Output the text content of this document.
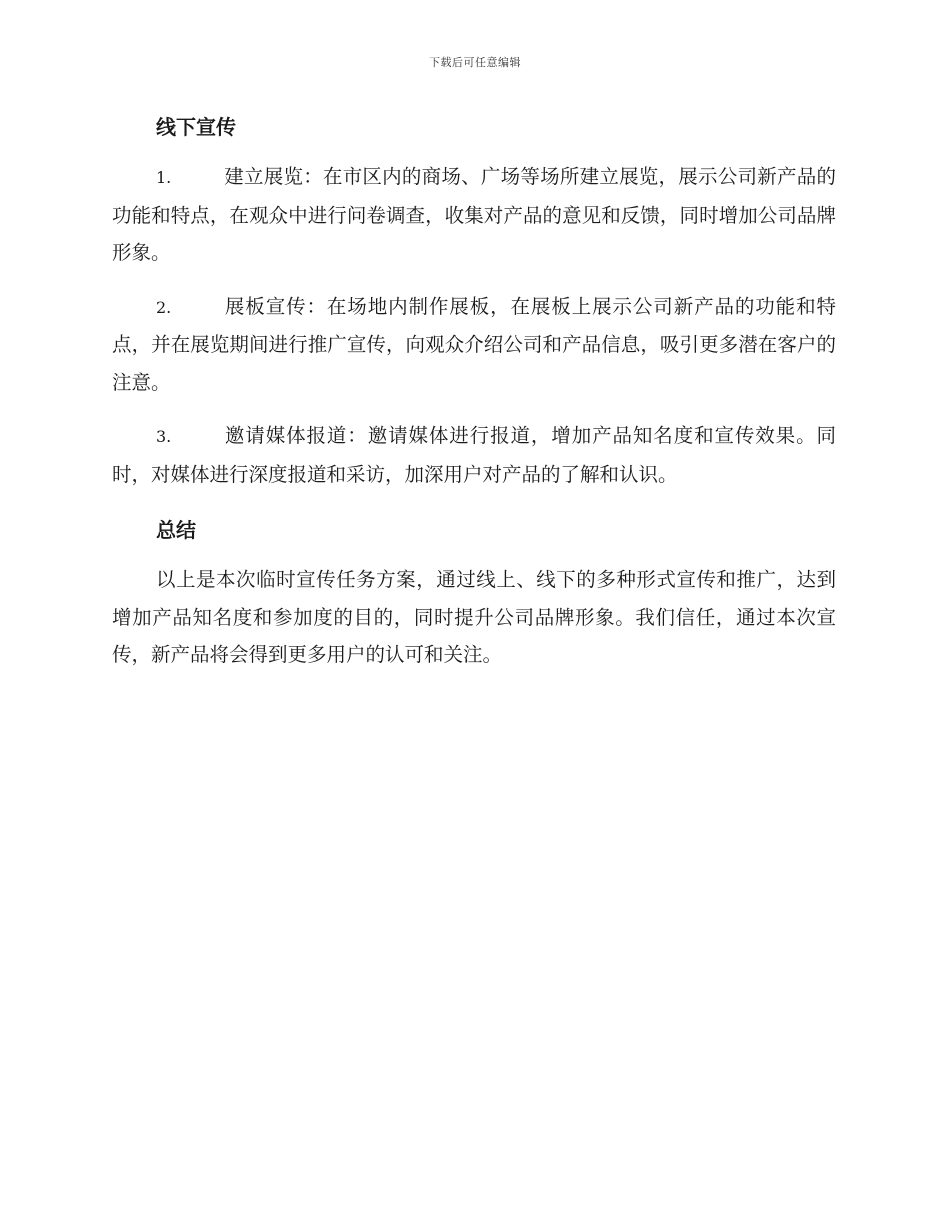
下载后可任意编辑
线下宣传

1.	建立展览：在市区内的商场、广场等场所建立展览，展示公司新产品的功能和特点，在观众中进行问卷调查，收集对产品的意见和反馈，同时增加公司品牌形象。

2.	展板宣传：在场地内制作展板，在展板上展示公司新产品的功能和特点，并在展览期间进行推广宣传，向观众介绍公司和产品信息，吸引更多潜在客户的注意。

3.	邀请媒体报道：邀请媒体进行报道，增加产品知名度和宣传效果。同时，对媒体进行深度报道和采访，加深用户对产品的了解和认识。

总结

以上是本次临时宣传任务方案，通过线上、线下的多种形式宣传和推广，达到增加产品知名度和参加度的目的，同时提升公司品牌形象。我们信任，通过本次宣传，新产品将会得到更多用户的认可和关注。
